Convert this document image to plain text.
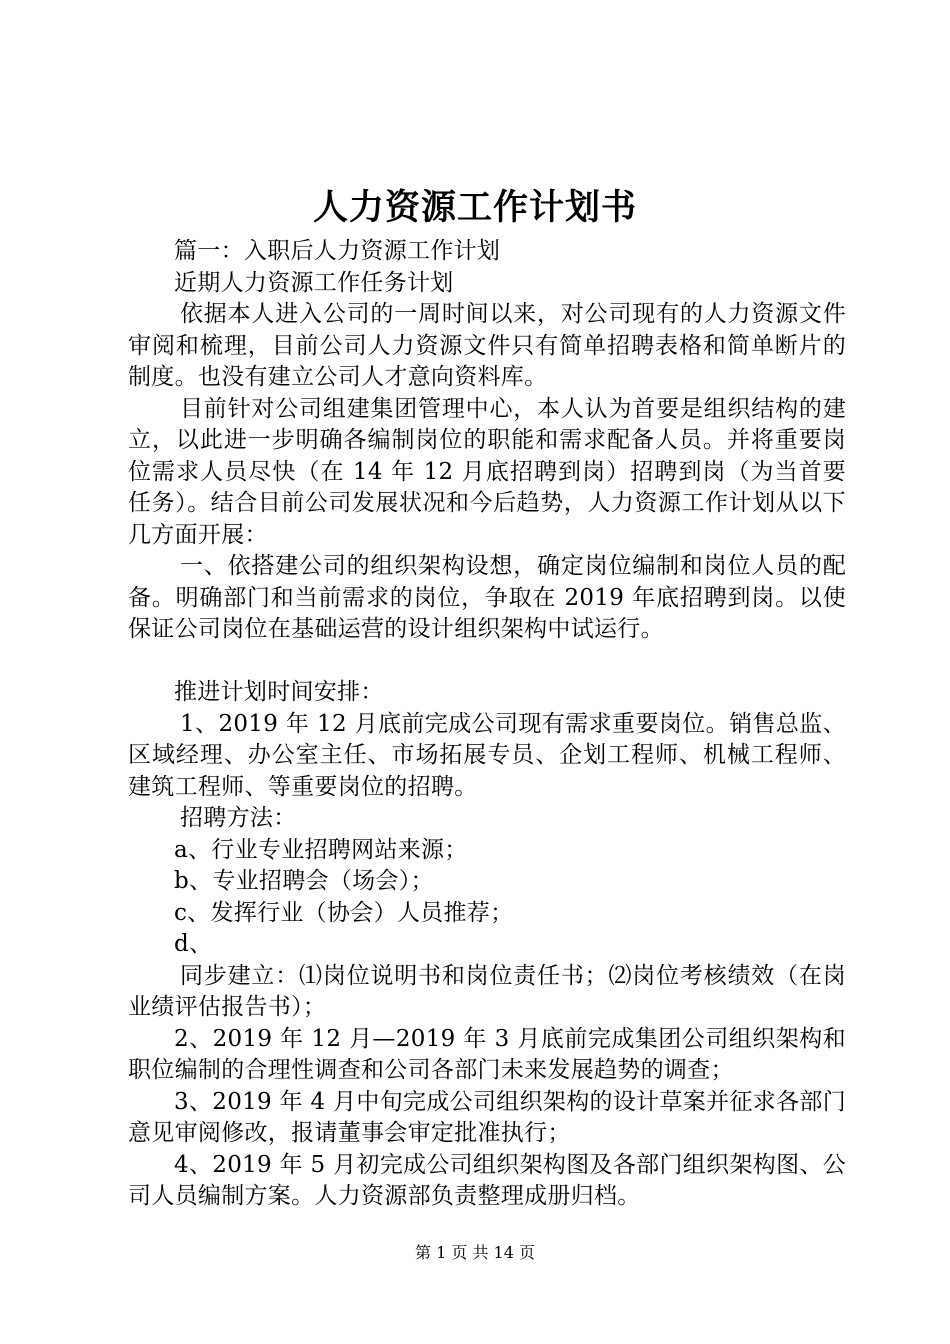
人力资源工作计划书

篇一：入职后人力资源工作计划

近期人力资源工作任务计划

依据本人进入公司的一周时间以来，对公司现有的人力资源文件审阅和梳理，目前公司人力资源文件只有简单招聘表格和简单断片的制度。也没有建立公司人才意向资料库。

目前针对公司组建集团管理中心，本人认为首要是组织结构的建立，以此进一步明确各编制岗位的职能和需求配备人员。并将重要岗位需求人员尽快（在 14 年 12 月底招聘到岗）招聘到岗（为当首要任务）。结合目前公司发展状况和今后趋势，人力资源工作计划从以下几方面开展：

一、依搭建公司的组织架构设想，确定岗位编制和岗位人员的配备。明确部门和当前需求的岗位，争取在 2019 年底招聘到岗。以使保证公司岗位在基础运营的设计组织架构中试运行。

推进计划时间安排：

1、2019 年 12 月底前完成公司现有需求重要岗位。销售总监、区域经理、办公室主任、市场拓展专员、企划工程师、机械工程师、建筑工程师、等重要岗位的招聘。

招聘方法：

a、行业专业招聘网站来源；

b、专业招聘会（场会）；

c、发挥行业（协会）人员推荐；

d、

同步建立：⑴岗位说明书和岗位责任书；⑵岗位考核绩效（在岗业绩评估报告书）；

2、2019 年 12 月—2019 年 3 月底前完成集团公司组织架构和职位编制的合理性调查和公司各部门未来发展趋势的调查；

3、2019 年 4 月中旬完成公司组织架构的设计草案并征求各部门意见审阅修改，报请董事会审定批准执行；

4、2019 年 5 月初完成公司组织架构图及各部门组织架构图、公司人员编制方案。人力资源部负责整理成册归档。

第 1 页 共 14 页
